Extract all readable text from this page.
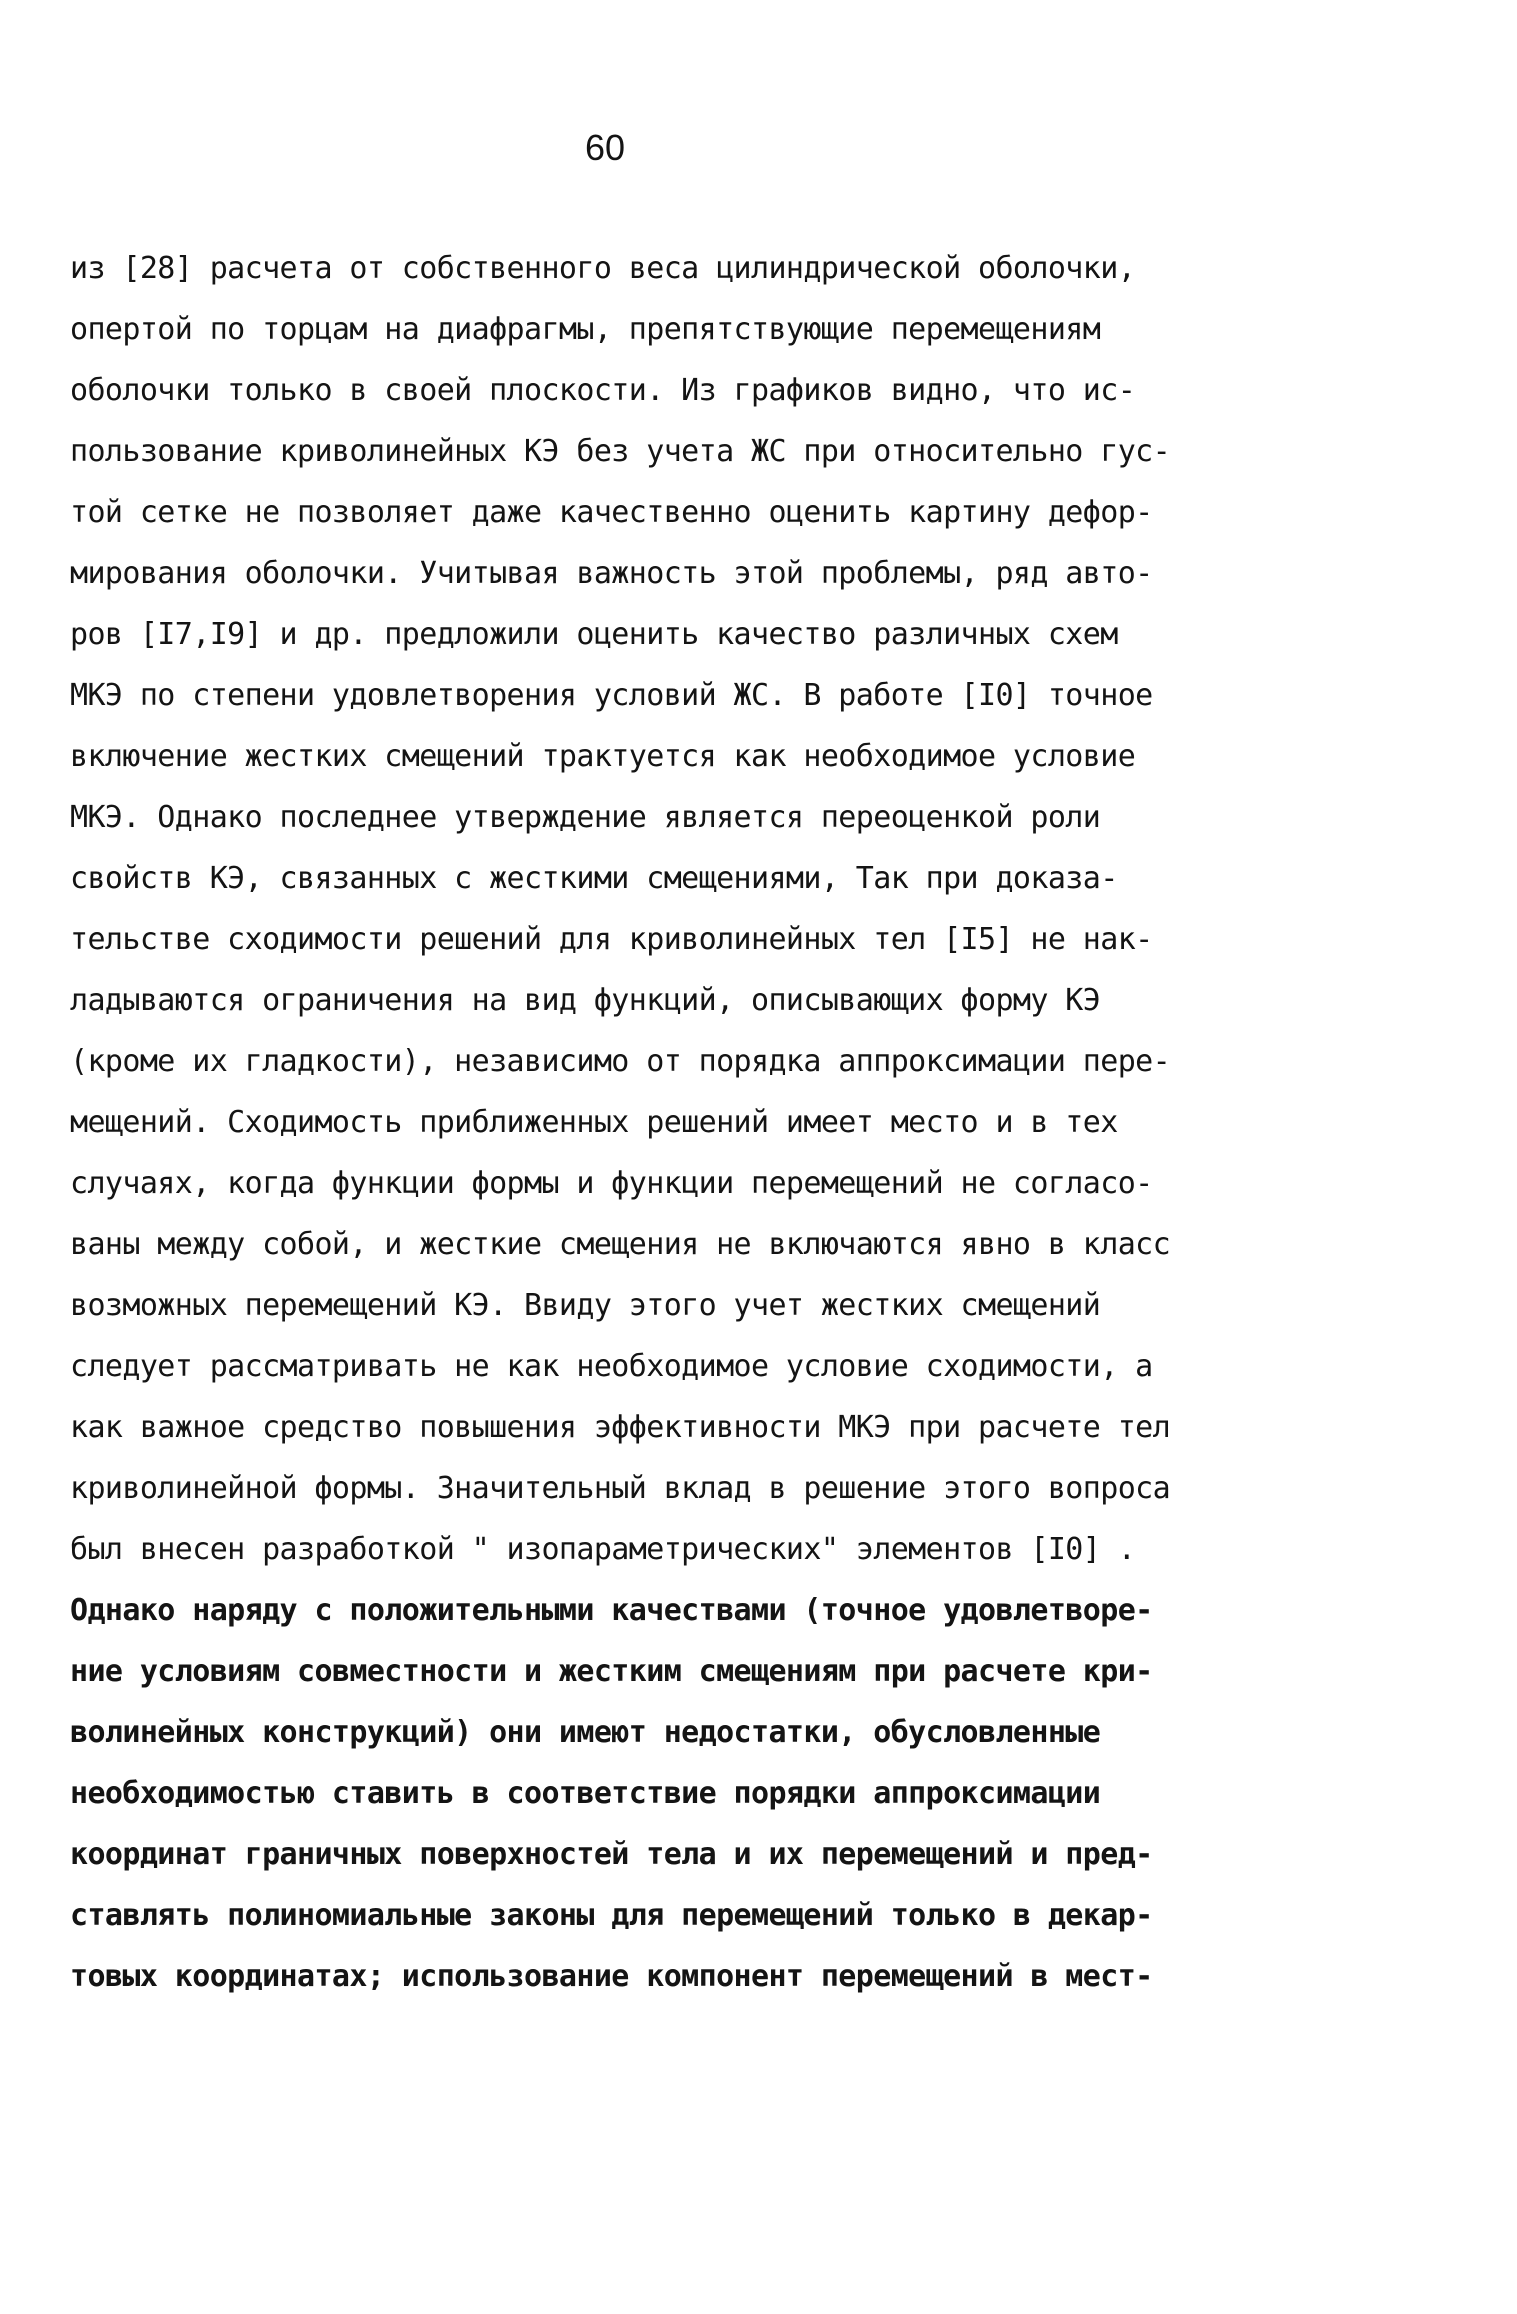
60
из [28] расчета от собственного веса цилиндрической оболочки,
опертой по торцам на диафрагмы, препятствующие перемещениям
оболочки только в своей плоскости. Из графиков видно, что ис-
пользование криволинейных КЭ без учета ЖС при относительно гус-
той сетке не позволяет даже качественно оценить картину дефор-
мирования оболочки. Учитывая важность этой проблемы, ряд авто-
ров [I7,I9] и др. предложили оценить качество различных схем
МКЭ по степени удовлетворения условий ЖС. В работе [I0] точное
включение жестких смещений трактуется как необходимое условие
МКЭ. Однако последнее утверждение является переоценкой роли
свойств КЭ, связанных с жесткими смещениями, Так при доказа-
тельстве сходимости решений для криволинейных тел [I5] не нак-
ладываются ограничения на вид функций, описывающих форму КЭ
(кроме их гладкости), независимо от порядка аппроксимации пере-
мещений. Сходимость приближенных решений имеет место и в тех
случаях, когда функции формы и функции перемещений не согласо-
ваны между собой, и жесткие смещения не включаются явно в класс
возможных перемещений КЭ. Ввиду этого учет жестких смещений
следует рассматривать не как необходимое условие сходимости, а
как важное средство повышения эффективности МКЭ при расчете тел
криволинейной формы. Значительный вклад в решение этого вопроса
был внесен разработкой " изопараметрических" элементов [I0] .
Однако наряду с положительными качествами (точное удовлетворе-
ние условиям совместности и жестким смещениям при расчете кри-
волинейных конструкций) они имеют недостатки, обусловленные
необходимостью ставить в соответствие порядки аппроксимации
координат граничных поверхностей тела и их перемещений и пред-
ставлять полиномиальные законы для перемещений только в декар-
товых координатах; использование компонент перемещений в мест-
